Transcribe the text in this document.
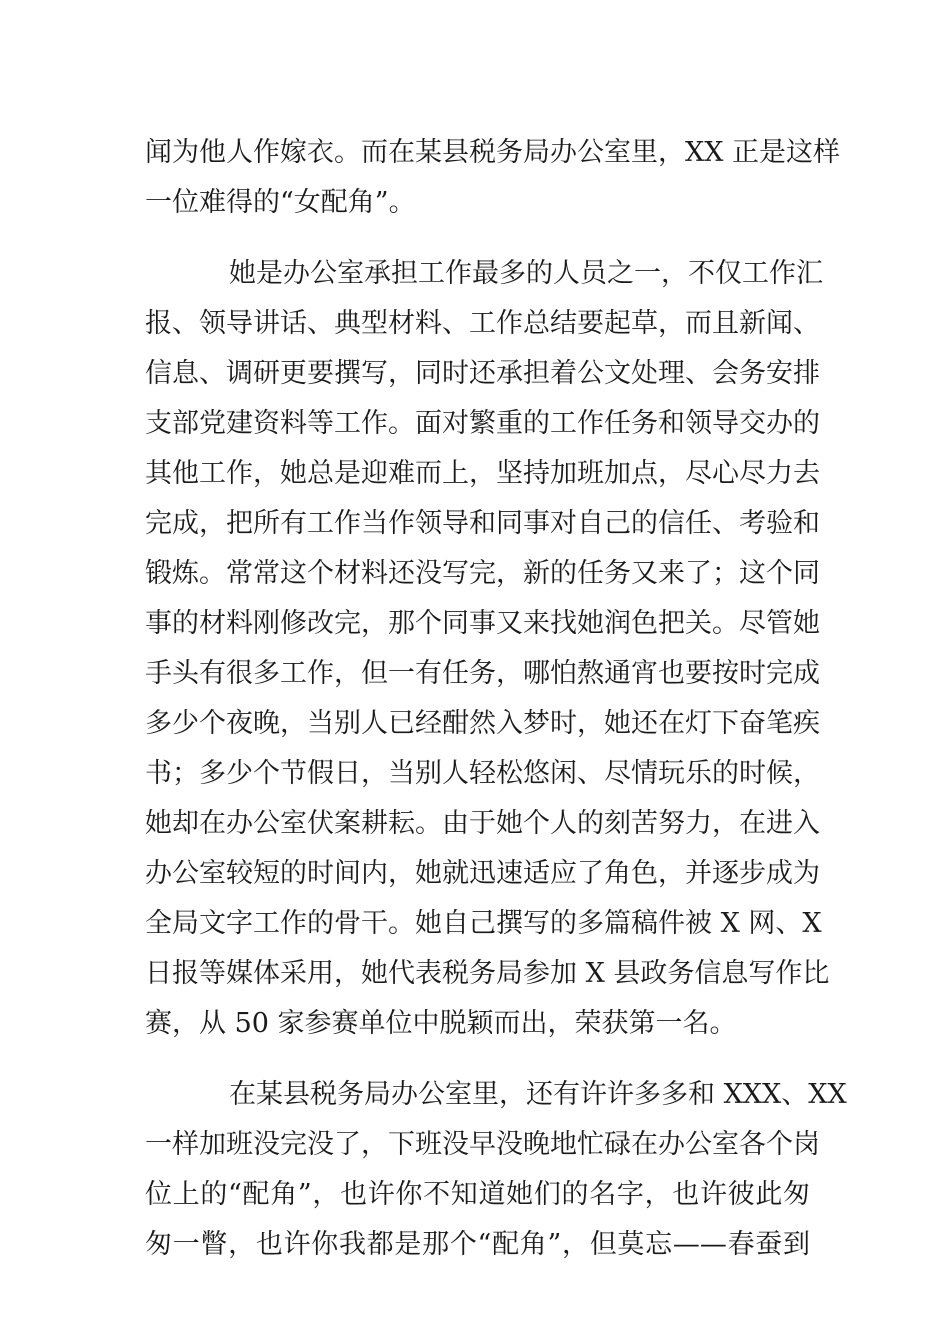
闻为他人作嫁衣。而在某县税务局办公室里，XX 正是这样
一位难得的“女配角”。
她是办公室承担工作最多的人员之一，不仅工作汇
报、领导讲话、典型材料、工作总结要起草，而且新闻、
信息、调研更要撰写，同时还承担着公文处理、会务安排
支部党建资料等工作。面对繁重的工作任务和领导交办的
其他工作，她总是迎难而上，坚持加班加点，尽心尽力去
完成，把所有工作当作领导和同事对自己的信任、考验和
锻炼。常常这个材料还没写完，新的任务又来了；这个同
事的材料刚修改完，那个同事又来找她润色把关。尽管她
手头有很多工作，但一有任务，哪怕熬通宵也要按时完成
多少个夜晚，当别人已经酣然入梦时，她还在灯下奋笔疾
书；多少个节假日，当别人轻松悠闲、尽情玩乐的时候，
她却在办公室伏案耕耘。由于她个人的刻苦努力，在进入
办公室较短的时间内，她就迅速适应了角色，并逐步成为
全局文字工作的骨干。她自己撰写的多篇稿件被 X 网、X
日报等媒体采用，她代表税务局参加 X 县政务信息写作比
赛，从 50 家参赛单位中脱颖而出，荣获第一名。
在某县税务局办公室里，还有许许多多和 XXX、XX
一样加班没完没了，下班没早没晚地忙碌在办公室各个岗
位上的“配角”，也许你不知道她们的名字，也许彼此匆
匆一瞥，也许你我都是那个“配角”，但莫忘——春蚕到
